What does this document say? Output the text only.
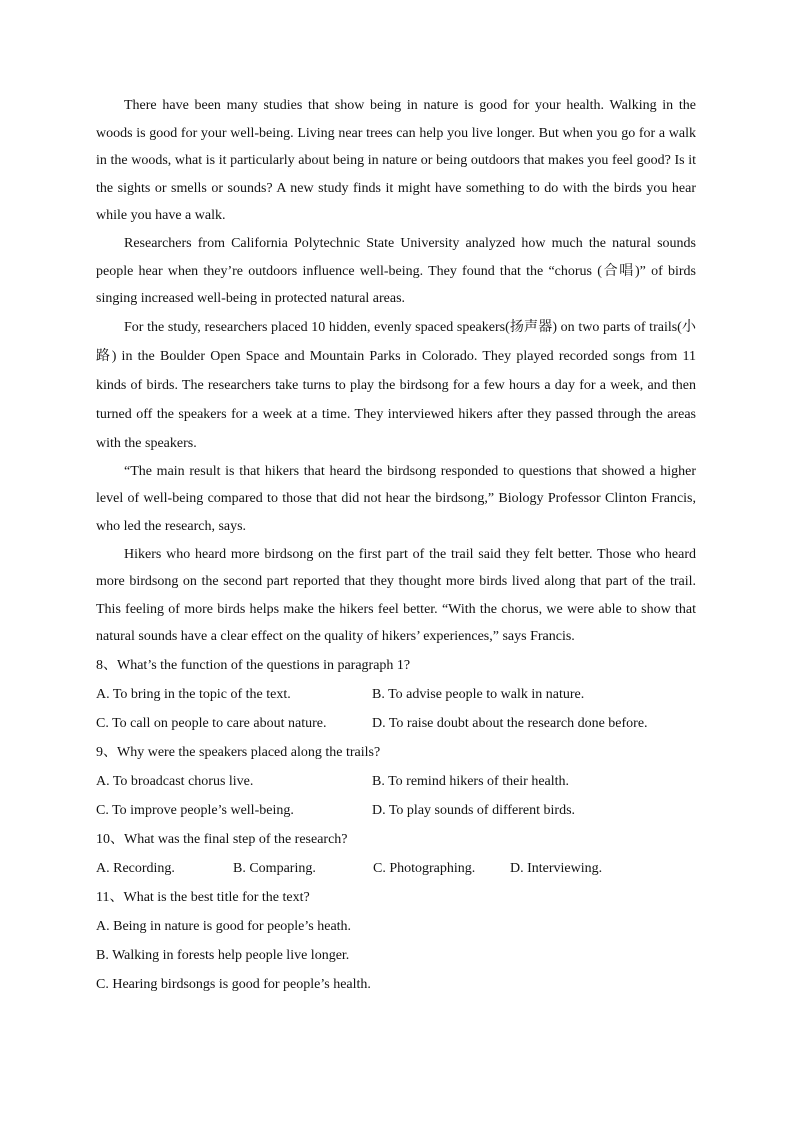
There have been many studies that show being in nature is good for your health. Walking in the woods is good for your well-being. Living near trees can help you live longer. But when you go for a walk in the woods, what is it particularly about being in nature or being outdoors that makes you feel good? Is it the sights or smells or sounds? A new study finds it might have something to do with the birds you hear while you have a walk.

Researchers from California Polytechnic State University analyzed how much the natural sounds people hear when they’re outdoors influence well-being. They found that the “chorus (合唱)” of birds singing increased well-being in protected natural areas.

For the study, researchers placed 10 hidden, evenly spaced speakers(扬声器) on two parts of trails(小路) in the Boulder Open Space and Mountain Parks in Colorado. They played recorded songs from 11 kinds of birds. The researchers take turns to play the birdsong for a few hours a day for a week, and then turned off the speakers for a week at a time. They interviewed hikers after they passed through the areas with the speakers.

“The main result is that hikers that heard the birdsong responded to questions that showed a higher level of well-being compared to those that did not hear the birdsong,” Biology Professor Clinton Francis, who led the research, says.

Hikers who heard more birdsong on the first part of the trail said they felt better. Those who heard more birdsong on the second part reported that they thought more birds lived along that part of the trail. This feeling of more birds helps make the hikers feel better. “With the chorus, we were able to show that natural sounds have a clear effect on the quality of hikers’ experiences,” says Francis.

8、What’s the function of the questions in paragraph 1?

A. To bring in the topic of the text.	B. To advise people to walk in nature.
C. To call on people to care about nature.	D. To raise doubt about the research done before.

9、Why were the speakers placed along the trails?

A. To broadcast chorus live.	B. To remind hikers of their health.
C. To improve people’s well-being.	D. To play sounds of different birds.

10、What was the final step of the research?

A. Recording.	B. Comparing.	C. Photographing.	D. Interviewing.

11、What is the best title for the text?

A. Being in nature is good for people’s heath.
B. Walking in forests help people live longer.
C. Hearing birdsongs is good for people’s health.
